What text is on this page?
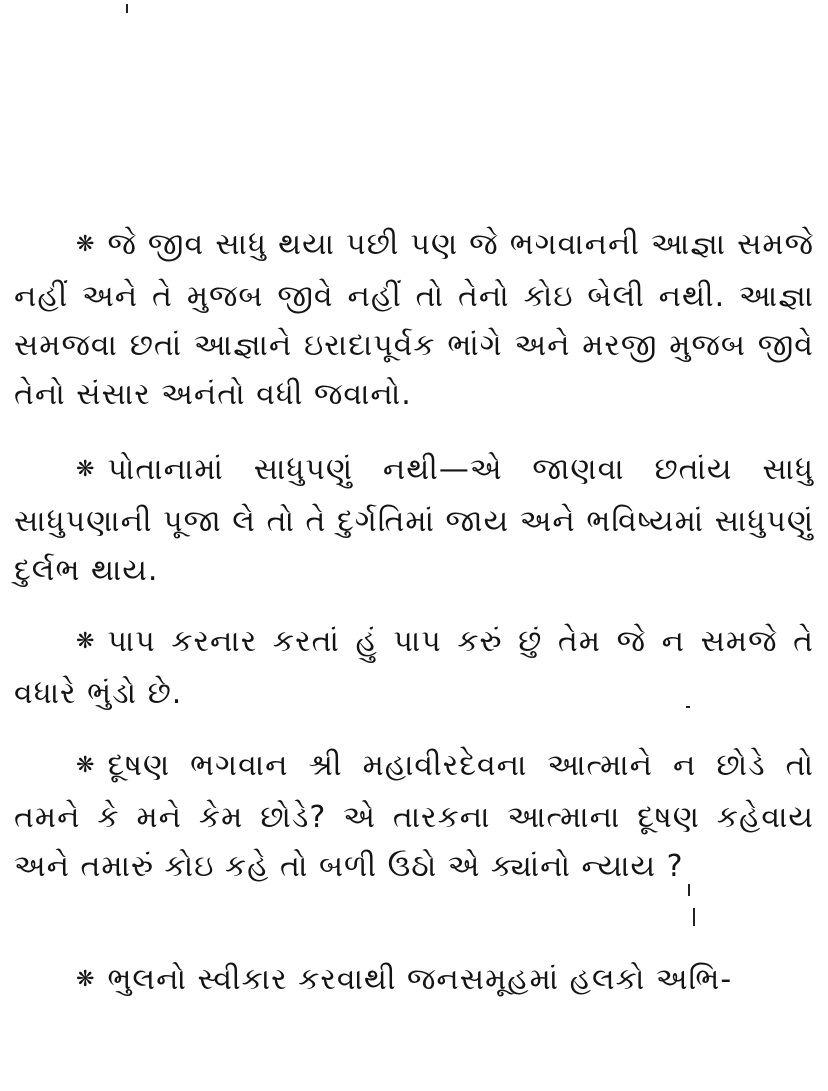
❋ જે જીવ સાધુ થયા પછી પણ જે ભગવાનની આજ્ઞા સમજે નહીં અને તે મુજબ જીવે નહીં તો તેનો કોઇ બેલી નથી. આજ્ઞા સમજવા છતાં આજ્ઞાને ઇરાદાપૂર્વક ભાંગે અને મરજી મુજબ જીવે તેનો સંસાર અનંતો વધી જવાનો.
❋ પોતાનામાં સાધુપણું નથી—એ જાણવા છતાંય સાધુ સાધુપણાની પૂજા લે તો તે દુર્ગતિમાં જાય અને ભવિષ્યમાં સાધુપણું દુર્લભ થાય.
❋ પાપ કરનાર કરતાં હું પાપ કરું છું તેમ જે ન સમજે તે વધારે ભુંડો છે.
❋ દૂષણ ભગવાન શ્રી મહાવીરદેવના આત્માને ન છોડે તો તમને કે મને કેમ છોડે? એ તારકના આત્માના દૂષણ કહેવાય અને તમારું કોઇ કહે તો બળી ઉઠો એ ક્યાંનો ન્યાય ?
❋ ભુલનો સ્વીકાર કરવાથી જનસમૂહમાં હલકો અભિ-
